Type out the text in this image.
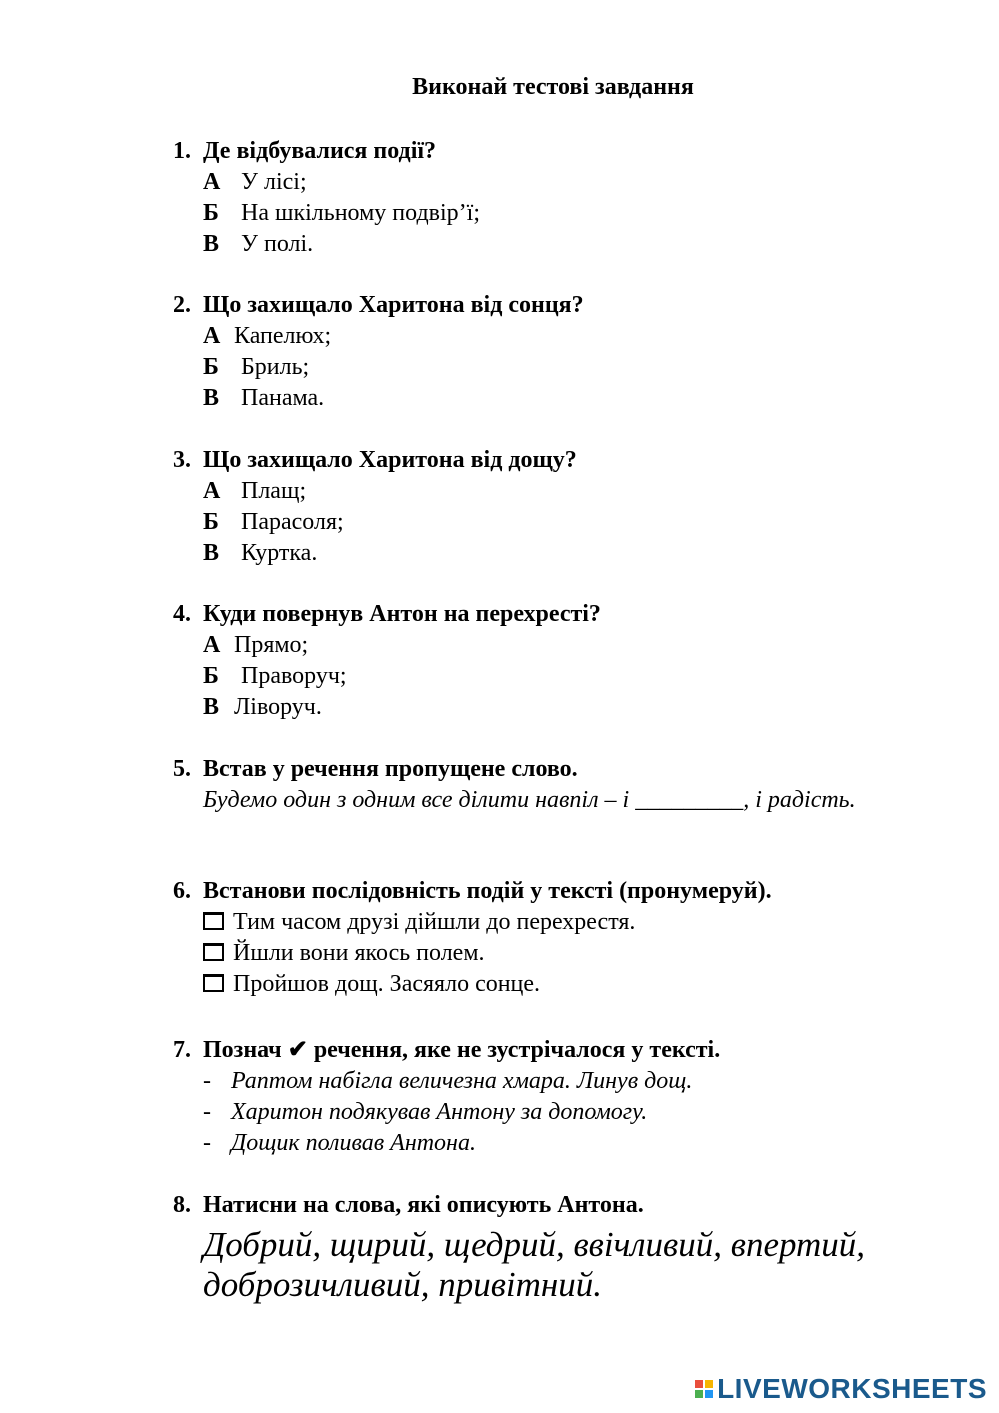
Виконай тестові завдання
1. Де відбувалися події?
А У лісі;
Б На шкільному подвір’ї;
В У полі.
2. Що захищало Харитона від сонця?
А Капелюх;
Б Бриль;
В Панама.
3. Що захищало Харитона від дощу?
А Плащ;
Б Парасоля;
В Куртка.
4. Куди повернув Антон на перехресті?
А Прямо;
Б Праворуч;
В Ліворуч.
5. Встав у речення пропущене слово.
Будемо один з одним все ділити навпіл – і _________, і радість.
6. Встанови послідовність подій у тексті (пронумеруй).
Тим часом друзі дійшли до перехрестя.
Йшли вони якось полем.
Пройшов дощ. Засяяло сонце.
7. Познач ✔ речення, яке не зустрічалося у тексті.
- Раптом набігла величезна хмара. Линув дощ.
- Харитон подякував Антону за допомогу.
- Дощик поливав Антона.
8. Натисни на слова, які описують Антона.
Добрий, щирий, щедрий, ввічливий, впертий, доброзичливий, привітний.
LIVEWORKSHEETS
